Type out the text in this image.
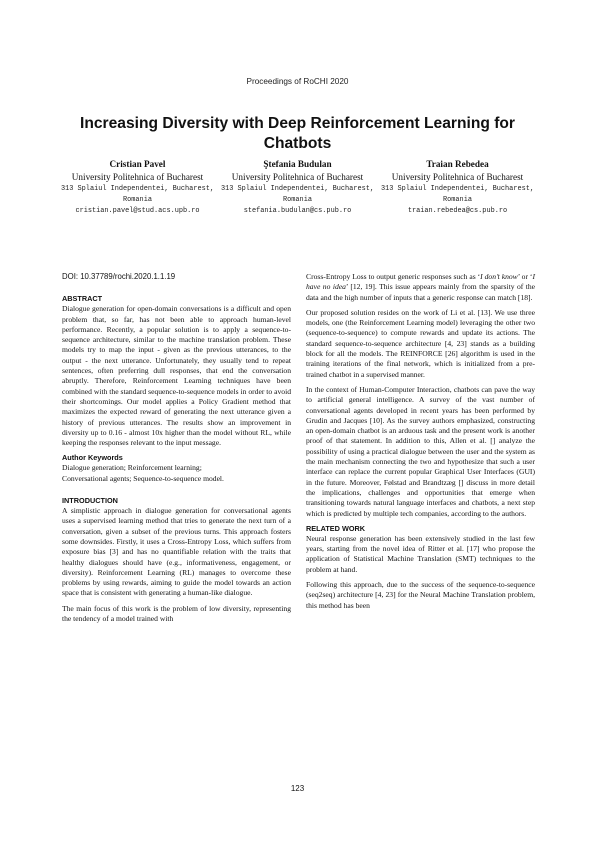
Proceedings of RoCHI 2020
Increasing Diversity with Deep Reinforcement Learning for Chatbots
Cristian Pavel
University Politehnica of Bucharest
313 Splaiul Independentei, Bucharest, Romania
cristian.pavel@stud.acs.upb.ro
Ştefania Budulan
University Politehnica of Bucharest
313 Splaiul Independentei, Bucharest, Romania
stefania.budulan@cs.pub.ro
Traian Rebedea
University Politehnica of Bucharest
313 Splaiul Independentei, Bucharest, Romania
traian.rebedea@cs.pub.ro

DOI: 10.37789/rochi.2020.1.1.19

ABSTRACT

Dialogue generation for open-domain conversations is a difficult and open problem that, so far, has not been able to approach human-level performance. Recently, a popular solution is to apply a sequence-to-sequence architecture, similar to the machine translation problem. These models try to map the input - given as the previous utterances, to the output - the next utterance. Unfortunately, they usually tend to repeat sentences, often preferring dull responses, that end the conversation abruptly. Therefore, Reinforcement Learning techniques have been combined with the standard sequence-to-sequence models in order to avoid their shortcomings. Our model applies a Policy Gradient method that maximizes the expected reward of generating the next utterance given a history of previous utterances. The results show an improvement in diversity up to 0.16 - almost 10x higher than the model without RL, while keeping the responses relevant to the input message.

Author Keywords

Dialogue generation; Reinforcement learning;

Conversational agents; Sequence-to-sequence model.

INTRODUCTION

A simplistic approach in dialogue generation for conversational agents uses a supervised learning method that tries to generate the next turn of a conversation, given a subset of the previous turns. This approach fosters some downsides. Firstly, it uses a Cross-Entropy Loss, which suffers from exposure bias [3] and has no quantifiable relation with the traits that healthy dialogues should have (e.g., informativeness, engagement, or diversity). Reinforcement Learning (RL) manages to overcome these problems by using rewards, aiming to guide the model towards an action space that is consistent with generating a human-like dialogue.

The main focus of this work is the problem of low diversity, representing the tendency of a model trained with

Cross-Entropy Loss to output generic responses such as ‘I don’t know’ or ‘I have no idea’ [12, 19]. This issue appears mainly from the sparsity of the data and the high number of inputs that a generic response can match [18].

Our proposed solution resides on the work of Li et al. [13]. We use three models, one (the Reinforcement Learning model) leveraging the other two (sequence-to-sequence) to compute rewards and update its actions. The standard sequence-to-sequence architecture [4, 23] stands as a building block for all the models. The REINFORCE [26] algorithm is used in the training iterations of the final network, which is initialized from a pre-trained chatbot in a supervised manner.

In the context of Human-Computer Interaction, chatbots can pave the way to artificial general intelligence. A survey of the vast number of conversational agents developed in recent years has been performed by Grudin and Jacques [10]. As the survey authors emphasized, constructing an open-domain chatbot is an arduous task and the present work is another proof of that statement. In addition to this, Allen et al. [] analyze the possibility of using a practical dialogue between the user and the system as the main mechanism connecting the two and hypothesize that such a user interface can replace the current popular Graphical User Interfaces (GUI) in the future. Moreover, Følstad and Brandtzæg [] discuss in more detail the implications, challenges and opportunities that emerge when transitioning towards natural language interfaces and chatbots, a next step which is predicted by multiple tech companies, according to the authors.

RELATED WORK

Neural response generation has been extensively studied in the last few years, starting from the novel idea of Ritter et al. [17] who propose the application of Statistical Machine Translation (SMT) techniques to the problem at hand.

Following this approach, due to the success of the sequence-to-sequence (seq2seq) architecture [4, 23] for the Neural Machine Translation problem, this method has been

123
